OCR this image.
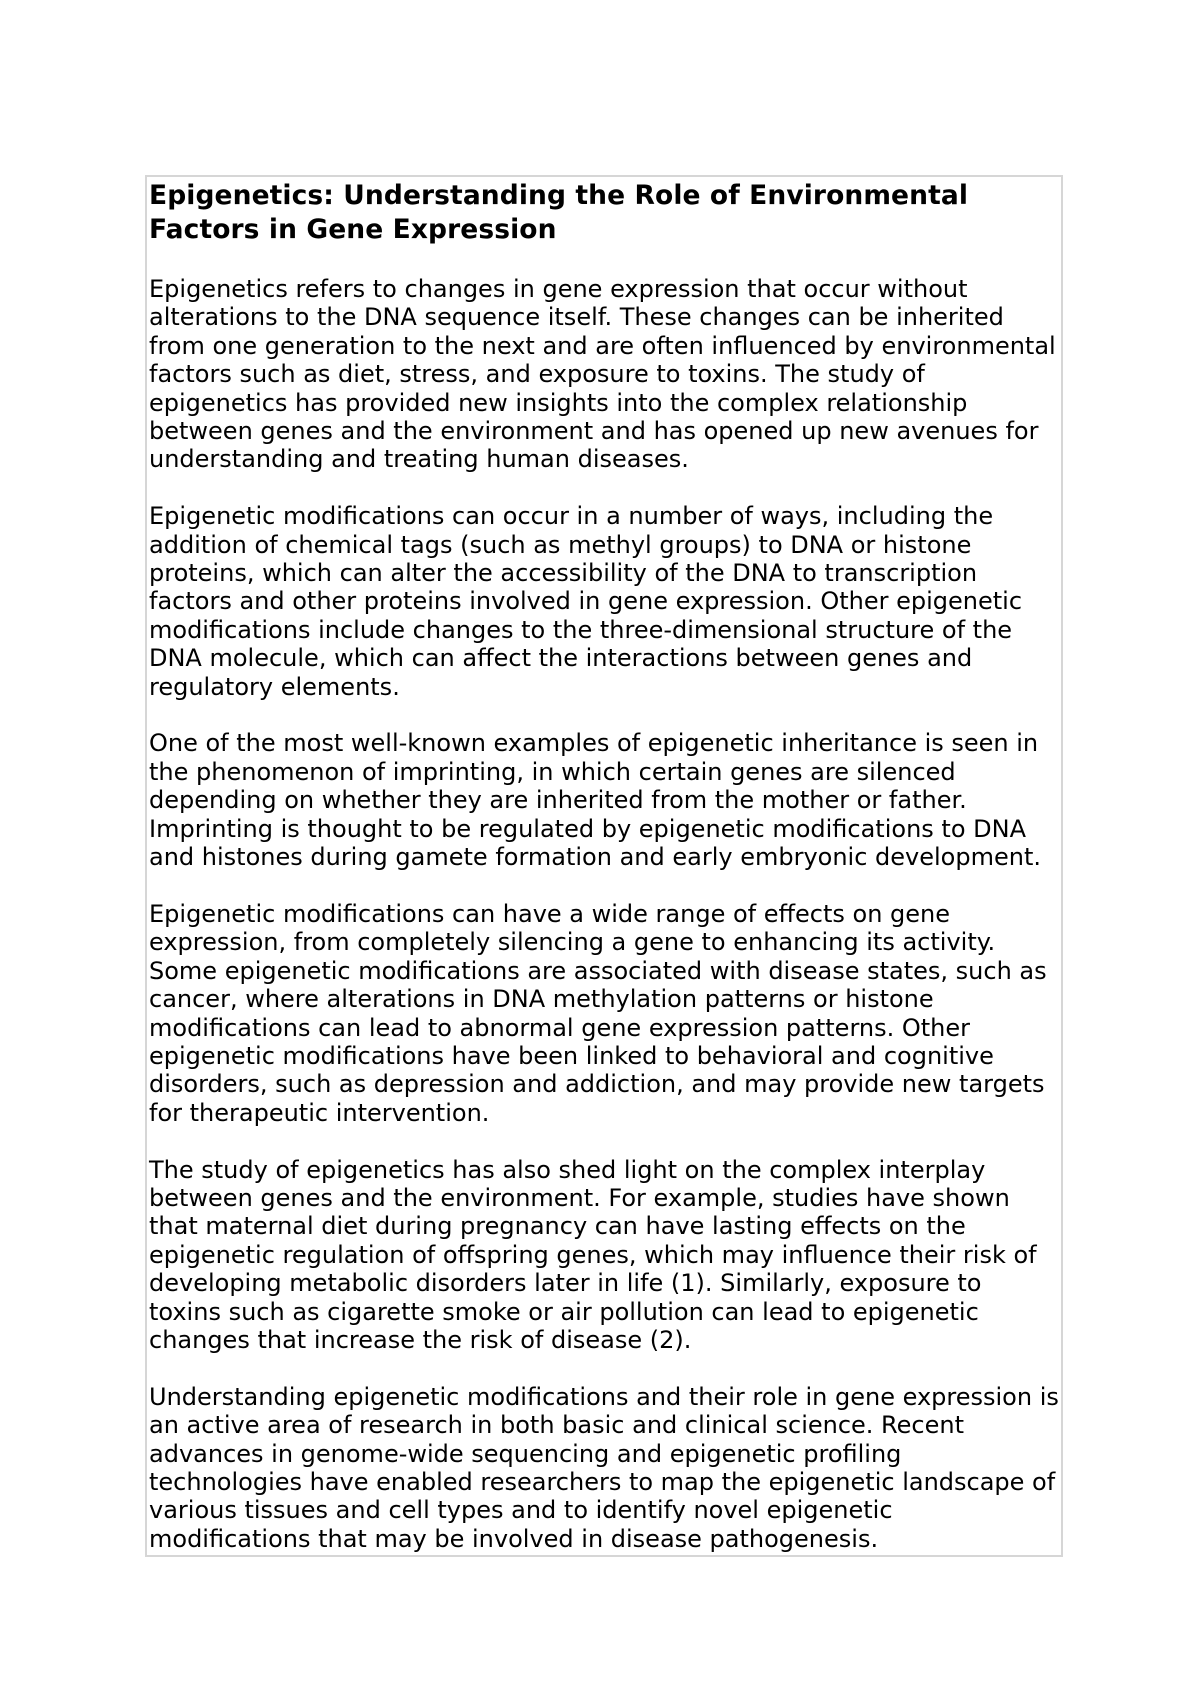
Epigenetics: Understanding the Role of Environmental Factors in Gene Expression

Epigenetics refers to changes in gene expression that occur without alterations to the DNA sequence itself. These changes can be inherited from one generation to the next and are often influenced by environmental factors such as diet, stress, and exposure to toxins. The study of epigenetics has provided new insights into the complex relationship between genes and the environment and has opened up new avenues for understanding and treating human diseases.

Epigenetic modifications can occur in a number of ways, including the addition of chemical tags (such as methyl groups) to DNA or histone proteins, which can alter the accessibility of the DNA to transcription factors and other proteins involved in gene expression. Other epigenetic modifications include changes to the three-dimensional structure of the DNA molecule, which can affect the interactions between genes and regulatory elements.

One of the most well-known examples of epigenetic inheritance is seen in the phenomenon of imprinting, in which certain genes are silenced depending on whether they are inherited from the mother or father. Imprinting is thought to be regulated by epigenetic modifications to DNA and histones during gamete formation and early embryonic development.

Epigenetic modifications can have a wide range of effects on gene expression, from completely silencing a gene to enhancing its activity. Some epigenetic modifications are associated with disease states, such as cancer, where alterations in DNA methylation patterns or histone modifications can lead to abnormal gene expression patterns. Other epigenetic modifications have been linked to behavioral and cognitive disorders, such as depression and addiction, and may provide new targets for therapeutic intervention.

The study of epigenetics has also shed light on the complex interplay between genes and the environment. For example, studies have shown that maternal diet during pregnancy can have lasting effects on the epigenetic regulation of offspring genes, which may influence their risk of developing metabolic disorders later in life (1). Similarly, exposure to toxins such as cigarette smoke or air pollution can lead to epigenetic changes that increase the risk of disease (2).

Understanding epigenetic modifications and their role in gene expression is an active area of research in both basic and clinical science. Recent advances in genome-wide sequencing and epigenetic profiling technologies have enabled researchers to map the epigenetic landscape of various tissues and cell types and to identify novel epigenetic modifications that may be involved in disease pathogenesis.
